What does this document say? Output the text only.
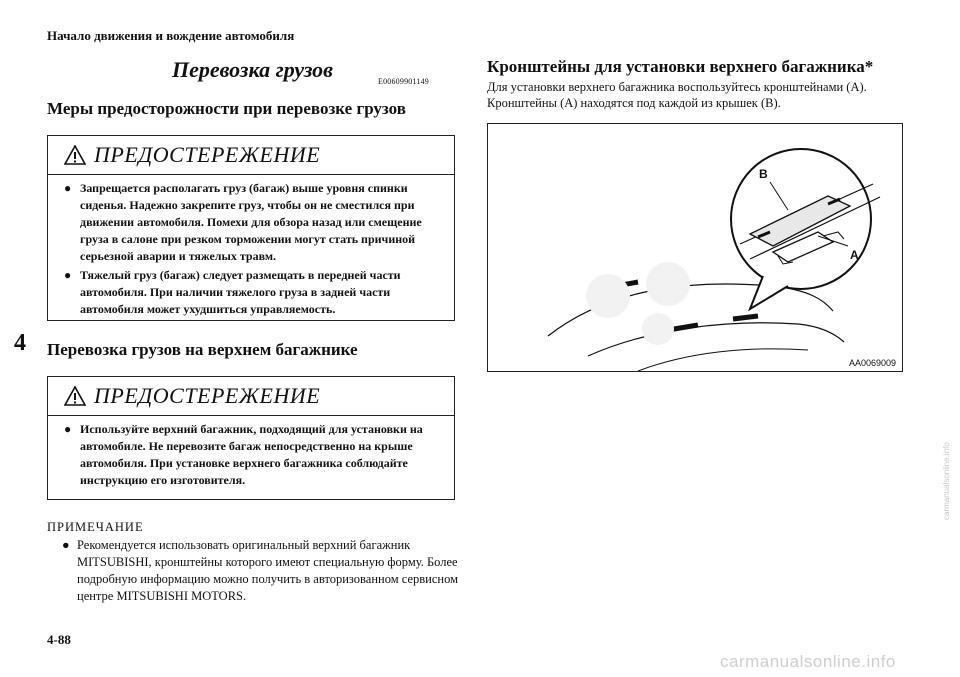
Начало движения и вождение автомобиля
Перевозка грузов	E00609901149
Меры предосторожности при перевозке грузов
ПРЕДОСТЕРЕЖЕНИЕ
● Запрещается располагать груз (багаж) выше уровня спинки сиденья. Надежно закрепите груз, чтобы он не сместился при движении автомобиля. Помехи для обзора назад или смещение груза в салоне при резком торможении могут стать причиной серьезной аварии и тяжелых травм.
● Тяжелый груз (багаж) следует размещать в передней части автомобиля. При наличии тяжелого груза в задней части автомобиля может ухудшиться управляемость.
4 Перевозка грузов на верхнем багажнике
ПРЕДОСТЕРЕЖЕНИЕ
● Используйте верхний багажник, подходящий для установки на автомобиле. Не перевозите багаж непосредственно на крыше автомобиля. При установке верхнего багажника соблюдайте инструкцию его изготовителя.
ПРИМЕЧАНИЕ
● Рекомендуется использовать оригинальный верхний багажник MITSUBISHI, кронштейны которого имеют специальную форму. Более подробную информацию можно получить в авторизованном сервисном центре MITSUBISHI MOTORS.
Кронштейны для установки верхнего багажника*
Для установки верхнего багажника воспользуйтесь кронштейнами (A). Кронштейны (A) находятся под каждой из крышек (B).
B
A
AA0069009
4-88
carmanualsonline.info
carmanualsonline.info
